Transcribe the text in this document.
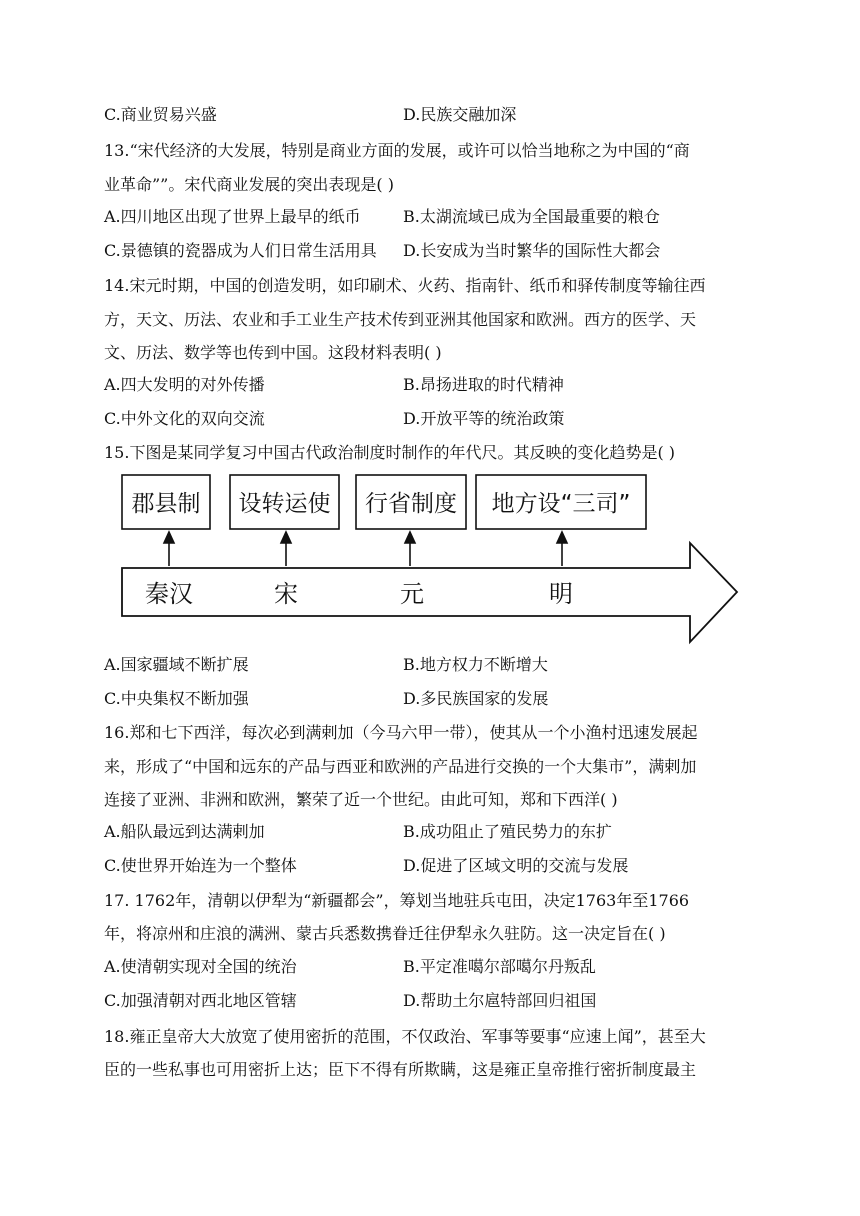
C.商业贸易兴盛	D.民族交融加深
13.“宋代经济的大发展，特别是商业方面的发展，或许可以恰当地称之为中国的“商
业革命””。宋代商业发展的突出表现是( )
A.四川地区出现了世界上最早的纸币	B.太湖流域已成为全国最重要的粮仓
C.景德镇的瓷器成为人们日常生活用具 D.长安成为当时繁华的国际性大都会
14.宋元时期，中国的创造发明，如印刷术、火药、指南针、纸币和驿传制度等输往西
方，天文、历法、农业和手工业生产技术传到亚洲其他国家和欧洲。西方的医学、天
文、历法、数学等也传到中国。这段材料表明( )
A.四大发明的对外传播	B.昂扬进取的时代精神
C.中外文化的双向交流	D.开放平等的统治政策
15.下图是某同学复习中国古代政治制度时制作的年代尺。其反映的变化趋势是( )
郡县制 设转运使 行省制度 地方设“三司”
秦汉	宋	元	明
A.国家疆域不断扩展	B.地方权力不断增大
C.中央集权不断加强	D.多民族国家的发展
16.郑和七下西洋，每次必到满剌加（今马六甲一带），使其从一个小渔村迅速发展起
来，形成了“中国和远东的产品与西亚和欧洲的产品进行交换的一个大集市”，满剌加
连接了亚洲、非洲和欧洲，繁荣了近一个世纪。由此可知，郑和下西洋( )
A.船队最远到达满剌加	B.成功阻止了殖民势力的东扩
C.使世界开始连为一个整体	D.促进了区域文明的交流与发展
17. 1762年，清朝以伊犁为“新疆都会”，筹划当地驻兵屯田，决定1763年至1766
年，将凉州和庄浪的满洲、蒙古兵悉数携眷迁往伊犁永久驻防。这一决定旨在( )
A.使清朝实现对全国的统治	B.平定准噶尔部噶尔丹叛乱
C.加强清朝对西北地区管辖	D.帮助土尔扈特部回归祖国
18.雍正皇帝大大放宽了使用密折的范围，不仅政治、军事等要事“应速上闻”，甚至大
臣的一些私事也可用密折上达；臣下不得有所欺瞒，这是雍正皇帝推行密折制度最主
